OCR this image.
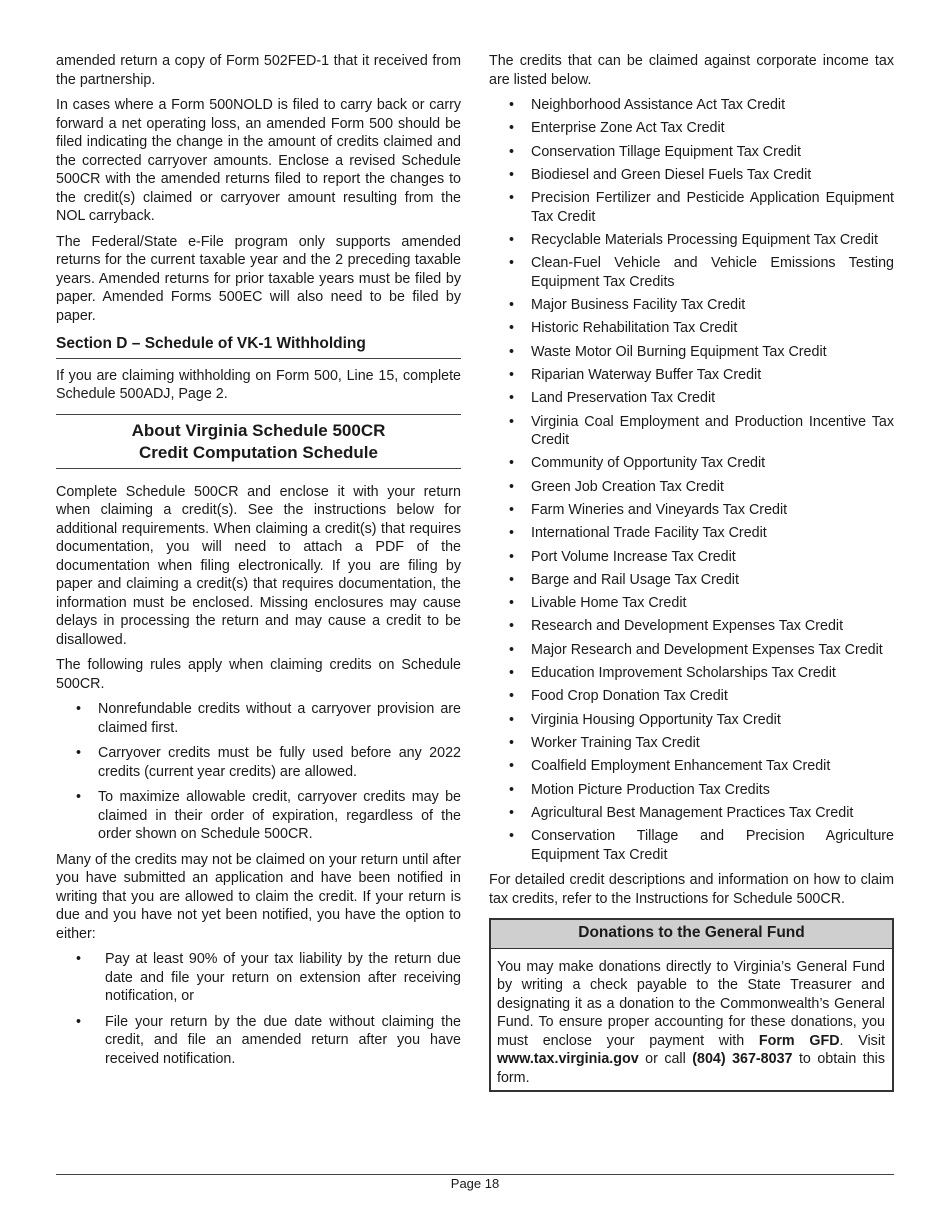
amended return a copy of Form 502FED-1 that it received from the partnership.

In cases where a Form 500NOLD is filed to carry back or carry forward a net operating loss, an amended Form 500 should be filed indicating the change in the amount of credits claimed and the corrected carryover amounts. Enclose a revised Schedule 500CR with the amended returns filed to report the changes to the credit(s) claimed or carryover amount resulting from the NOL carryback.

The Federal/State e-File program only supports amended returns for the current taxable year and the 2 preceding taxable years. Amended returns for prior taxable years must be filed by paper. Amended Forms 500EC will also need to be filed by paper.

Section D – Schedule of VK-1 Withholding

If you are claiming withholding on Form 500, Line 15, complete Schedule 500ADJ, Page 2.

About Virginia Schedule 500CR
Credit Computation Schedule

Complete Schedule 500CR and enclose it with your return when claiming a credit(s). See the instructions below for additional requirements. When claiming a credit(s) that requires documentation, you will need to attach a PDF of the documentation when filing electronically. If you are filing by paper and claiming a credit(s) that requires documentation, the information must be enclosed. Missing enclosures may cause delays in processing the return and may cause a credit to be disallowed.

The following rules apply when claiming credits on Schedule 500CR.

• Nonrefundable credits without a carryover provision are claimed first.
• Carryover credits must be fully used before any 2022 credits (current year credits) are allowed.
• To maximize allowable credit, carryover credits may be claimed in their order of expiration, regardless of the order shown on Schedule 500CR.

Many of the credits may not be claimed on your return until after you have submitted an application and have been notified in writing that you are allowed to claim the credit. If your return is due and you have not yet been notified, you have the option to either:

• Pay at least 90% of your tax liability by the return due date and file your return on extension after receiving notification, or
• File your return by the due date without claiming the credit, and file an amended return after you have received notification.

The credits that can be claimed against corporate income tax are listed below.

• Neighborhood Assistance Act Tax Credit
• Enterprise Zone Act Tax Credit
• Conservation Tillage Equipment Tax Credit
• Biodiesel and Green Diesel Fuels Tax Credit
• Precision Fertilizer and Pesticide Application Equipment Tax Credit
• Recyclable Materials Processing Equipment Tax Credit
• Clean-Fuel Vehicle and Vehicle Emissions Testing Equipment Tax Credits
• Major Business Facility Tax Credit
• Historic Rehabilitation Tax Credit
• Waste Motor Oil Burning Equipment Tax Credit
• Riparian Waterway Buffer Tax Credit
• Land Preservation Tax Credit
• Virginia Coal Employment and Production Incentive Tax Credit
• Community of Opportunity Tax Credit
• Green Job Creation Tax Credit
• Farm Wineries and Vineyards Tax Credit
• International Trade Facility Tax Credit
• Port Volume Increase Tax Credit
• Barge and Rail Usage Tax Credit
• Livable Home Tax Credit
• Research and Development Expenses Tax Credit
• Major Research and Development Expenses Tax Credit
• Education Improvement Scholarships Tax Credit
• Food Crop Donation Tax Credit
• Virginia Housing Opportunity Tax Credit
• Worker Training Tax Credit
• Coalfield Employment Enhancement Tax Credit
• Motion Picture Production Tax Credits
• Agricultural Best Management Practices Tax Credit
• Conservation Tillage and Precision Agriculture Equipment Tax Credit

For detailed credit descriptions and information on how to claim tax credits, refer to the Instructions for Schedule 500CR.

Donations to the General Fund

You may make donations directly to Virginia’s General Fund by writing a check payable to the State Treasurer and designating it as a donation to the Commonwealth’s General Fund. To ensure proper accounting for these donations, you must enclose your payment with Form GFD. Visit www.tax.virginia.gov or call (804) 367-8037 to obtain this form.

Page 18
